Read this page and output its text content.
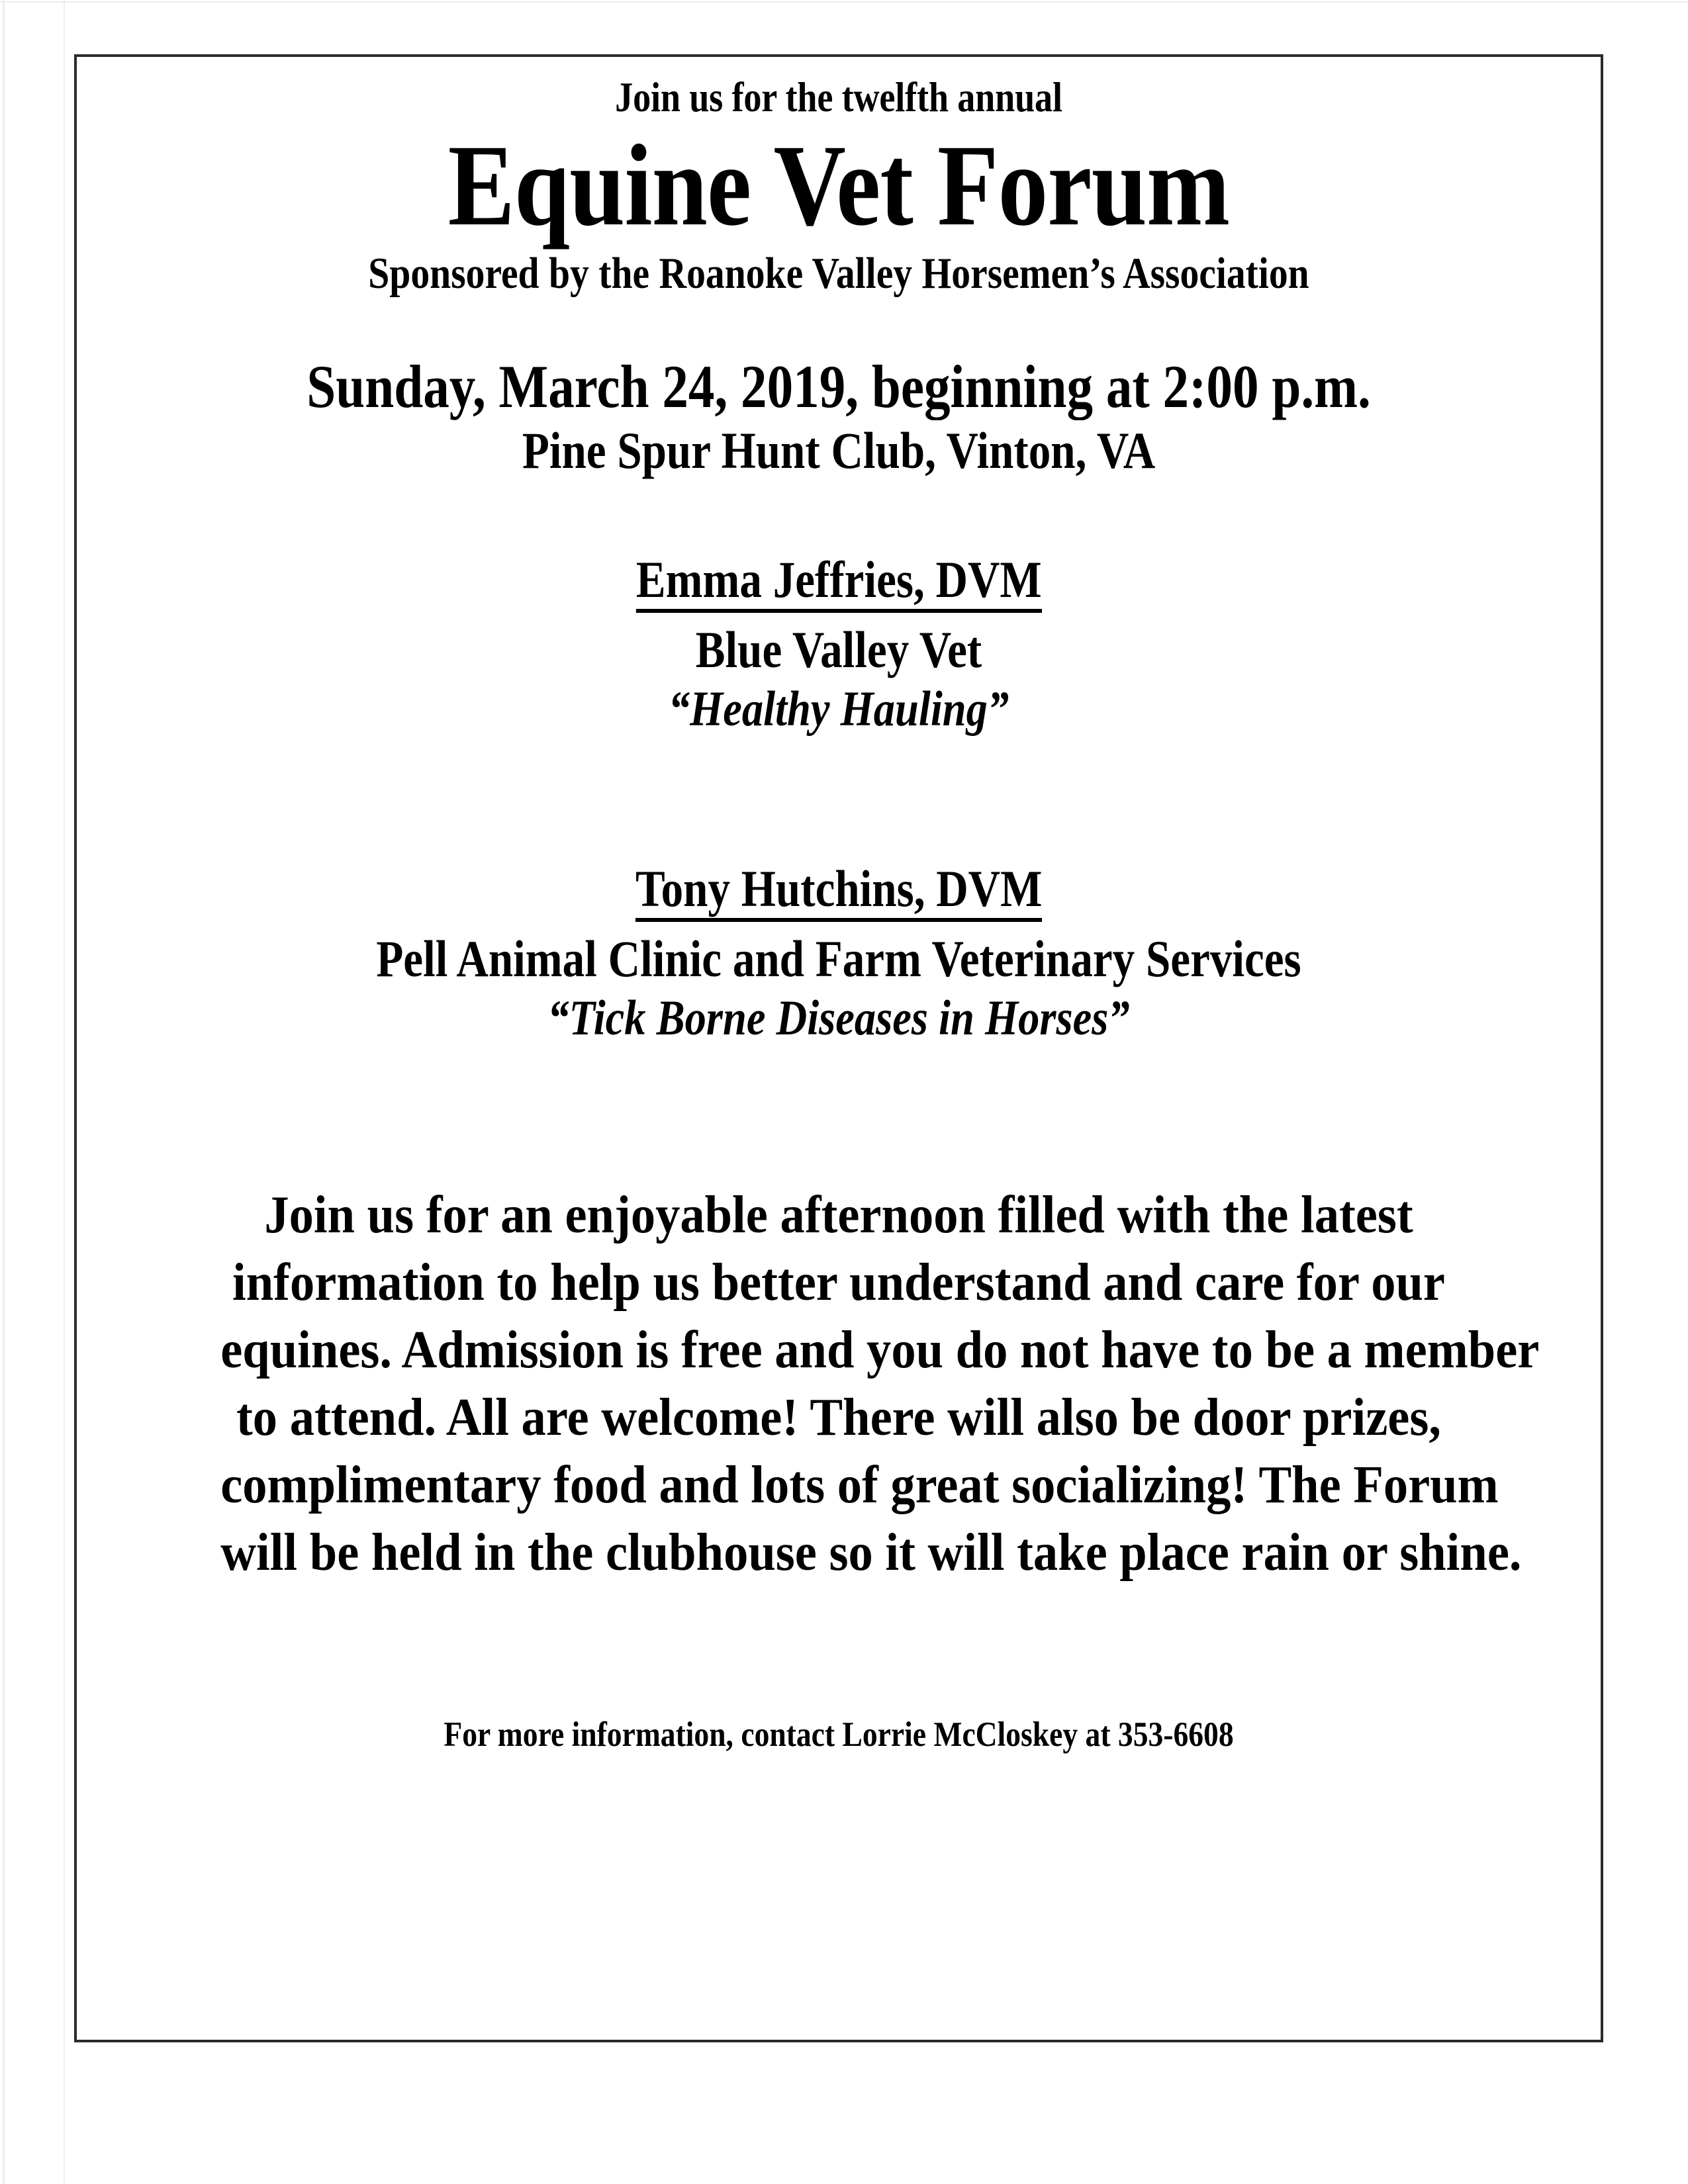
Join us for the twelfth annual
Equine Vet Forum
Sponsored by the Roanoke Valley Horsemen’s Association
Sunday, March 24, 2019, beginning at 2:00 p.m.
Pine Spur Hunt Club, Vinton, VA
Emma Jeffries, DVM
Blue Valley Vet
“Healthy Hauling”
Tony Hutchins, DVM
Pell Animal Clinic and Farm Veterinary Services
“Tick Borne Diseases in Horses”
Join us for an enjoyable afternoon filled with the latest
information to help us better understand and care for our
equines. Admission is free and you do not have to be a member
to attend. All are welcome! There will also be door prizes,
complimentary food and lots of great socializing! The Forum
will be held in the clubhouse so it will take place rain or shine.
For more information, contact Lorrie McCloskey at 353-6608
